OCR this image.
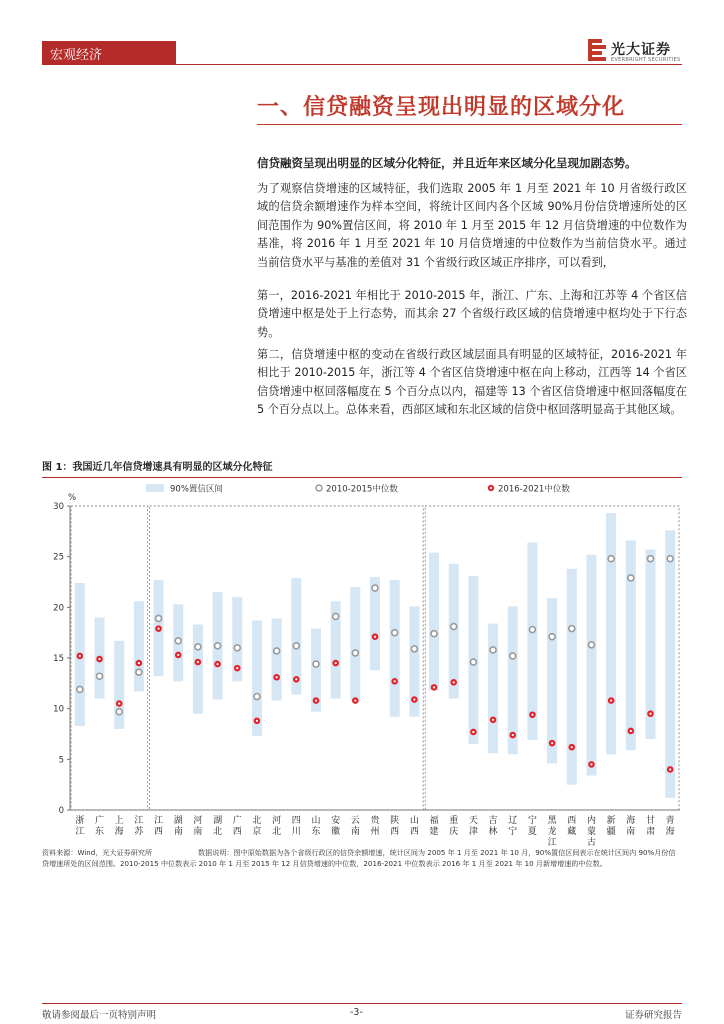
宏观经济	光大证券
EVERBRIGHT SECURITIES
一、信贷融资呈现出明显的区域分化
信贷融资呈现出明显的区域分化特征，并且近年来区域分化呈现加剧态势。
为了观察信贷增速的区域特征，我们选取 2005 年 1 月至 2021 年 10 月省级行政区域的信贷余额增速作为样本空间，将统计区间内各个区域 90%月份信贷增速所处的区间范围作为 90%置信区间，将 2010 年 1 月至 2015 年 12 月信贷增速的中位数作为基准，将 2016 年 1 月至 2021 年 10 月信贷增速的中位数作为当前信贷水平。通过当前信贷水平与基准的差值对 31 个省级行政区域正序排序，可以看到，
第一，2016-2021 年相比于 2010-2015 年，浙江、广东、上海和江苏等 4 个省区信贷增速中枢是处于上行态势，而其余 27 个省级行政区域的信贷增速中枢均处于下行态势。
第二，信贷增速中枢的变动在省级行政区域层面具有明显的区域特征，2016-2021 年相比于 2010-2015 年，浙江等 4 个省区信贷增速中枢在向上移动，江西等 14 个省区信贷增速中枢回落幅度在 5 个百分点以内，福建等 13 个省区信贷增速中枢回落幅度在 5 个百分点以上。总体来看，西部区域和东北区域的信贷中枢回落明显高于其他区域。
图 1：我国近几年信贷增速具有明显的区域分化特征
90%置信区间	2010-2015中位数	2016-2021中位数
%
0
5
10
15
20
25
30
浙
江
广
东
上
海
江
苏
江
西
湖
南
河
南
湖
北
广
西
北
京
河
北
四
川
山
东
安
徽
云
南
贵
州
陕
西
山
西
福
建
重
庆
天
津
吉
林
辽
宁
宁
夏
黑
龙
江
西
藏
内
蒙
古
新
疆
海
南
甘
肃
青
海
资料来源：Wind，光大证券研究所	数据说明：图中原始数据为各个省级行政区的信贷余额增速，统计区间为 2005 年 1 月至 2021 年 10 月，90%置信区间表示在统计区间内 90%月份信贷增速所处的区间范围。2010-2015 中位数表示 2010 年 1 月至 2015 年 12 月信贷增速的中位数，2016-2021 中位数表示 2016 年 1 月至 2021 年 10 月新增增速的中位数。
敬请参阅最后一页特别声明	-3-	证券研究报告
